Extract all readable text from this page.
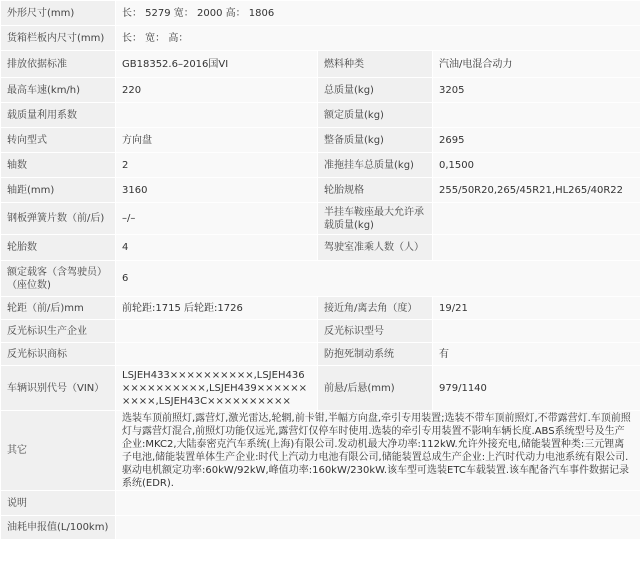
外形尺寸(mm)	长： 5279 宽： 2000 高： 1806		
货箱栏板内尺寸(mm)	长： 宽： 高：		
排放依据标准	GB18352.6–2016国VI	燃料种类	汽油/电混合动力
最高车速(km/h)	220	总质量(kg)	3205
载质量利用系数		额定质量(kg)	
转向型式	方向盘	整备质量(kg)	2695
轴数	2	准拖挂车总质量(kg)	0,1500
轴距(mm)	3160	轮胎规格	255/50R20,265/45R21,HL265/40R22
钢板弹簧片数（前/后)	–/–	半挂车鞍座最大允许承载质量(kg)	
轮胎数	4	驾驶室准乘人数（人）	
额定载客（含驾驶员）（座位数)	6		
轮距（前/后)mm	前轮距:1715 后轮距:1726	接近角/离去角（度）	19/21
反光标识生产企业		反光标识型号	
反光标识商标		防抱死制动系统	有
车辆识别代号（VIN）	LSJEH433××××××××××,LSJEH436××××××××××,LSJEH439××××××××××,LSJEH43C××××××××××	前悬/后悬(mm)	979/1140
其它	选装车顶前照灯,露营灯,激光雷达,轮辋,前卡钳,半幅方向盘,牵引专用装置;选装不带车顶前照灯,不带露营灯.车顶前照灯与露营灯混合,前照灯功能仅远光,露营灯仅停车时使用.选装的牵引专用装置不影响车辆长度.ABS系统型号及生产企业:MKC2,大陆泰密克汽车系统(上海)有限公司.发动机最大净功率:112kW.允许外接充电,储能装置种类:三元锂离子电池,储能装置单体生产企业:时代上汽动力电池有限公司,储能装置总成生产企业:上汽时代动力电池系统有限公司.驱动电机额定功率:60kW/92kW,峰值功率:160kW/230kW.该车型可选装ETC车载装置.该车配备汽车事件数据记录系统(EDR).		
说明			
油耗申报值(L/100km)			
